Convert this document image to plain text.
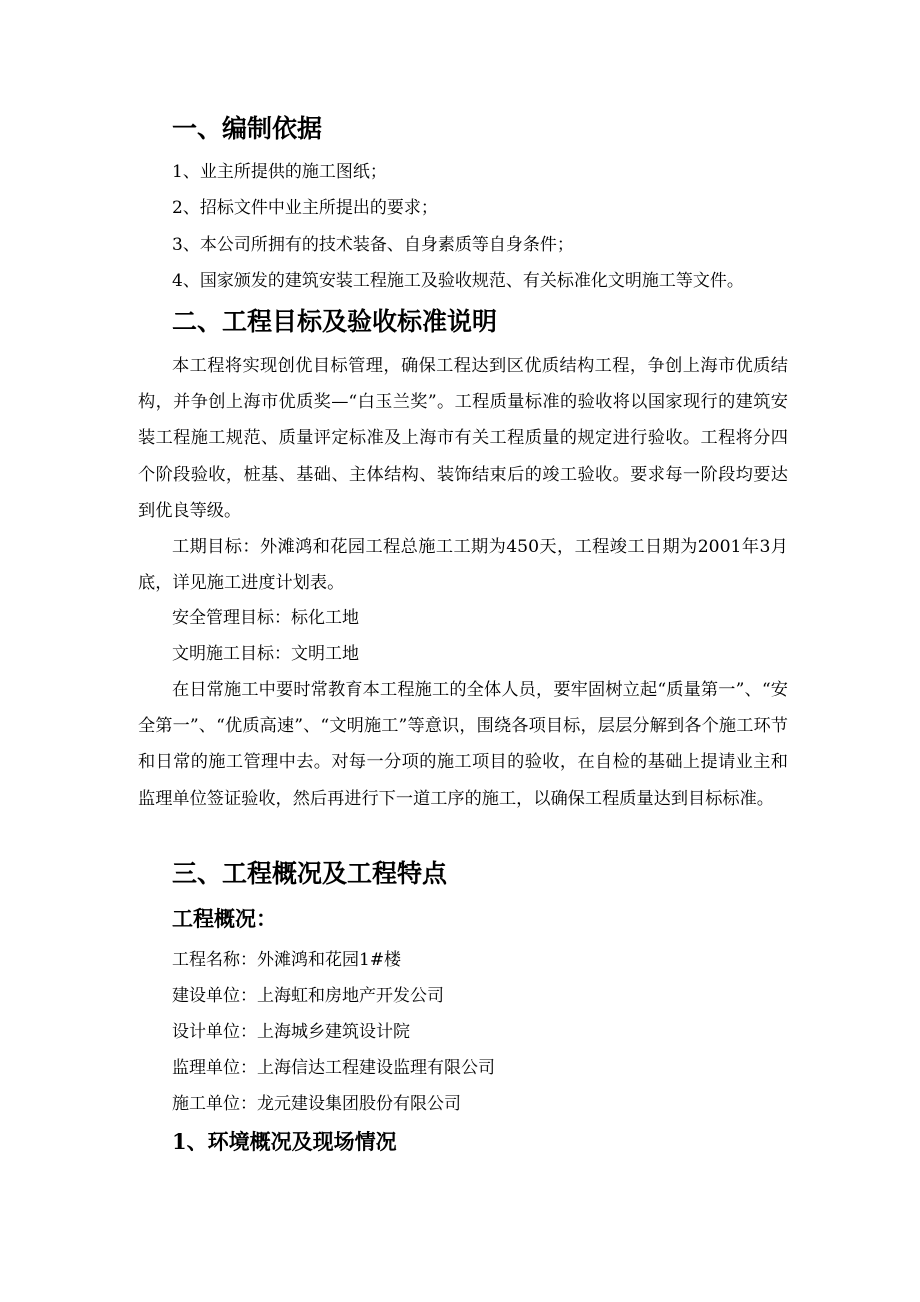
一、编制依据
1、业主所提供的施工图纸；
2、招标文件中业主所提出的要求；
3、本公司所拥有的技术装备、自身素质等自身条件；
4、国家颁发的建筑安装工程施工及验收规范、有关标准化文明施工等文件。
二、工程目标及验收标准说明

本工程将实现创优目标管理，确保工程达到区优质结构工程，争创上海市优质结构，并争创上海市优质奖—“白玉兰奖”。工程质量标准的验收将以国家现行的建筑安装工程施工规范、质量评定标准及上海市有关工程质量的规定进行验收。工程将分四个阶段验收，桩基、基础、主体结构、装饰结束后的竣工验收。要求每一阶段均要达到优良等级。

工期目标：外滩鸿和花园工程总施工工期为450天，工程竣工日期为2001年3月底，详见施工进度计划表。

安全管理目标：标化工地
文明施工目标：文明工地

在日常施工中要时常教育本工程施工的全体人员，要牢固树立起“质量第一”、“安全第一”、“优质高速”、“文明施工”等意识，围绕各项目标，层层分解到各个施工环节和日常的施工管理中去。对每一分项的施工项目的验收，在自检的基础上提请业主和监理单位签证验收，然后再进行下一道工序的施工，以确保工程质量达到目标标准。

三、工程概况及工程特点
工程概况：
工程名称：外滩鸿和花园1#楼
建设单位：上海虹和房地产开发公司
设计单位：上海城乡建筑设计院
监理单位：上海信达工程建设监理有限公司
施工单位：龙元建设集团股份有限公司
1、环境概况及现场情况
